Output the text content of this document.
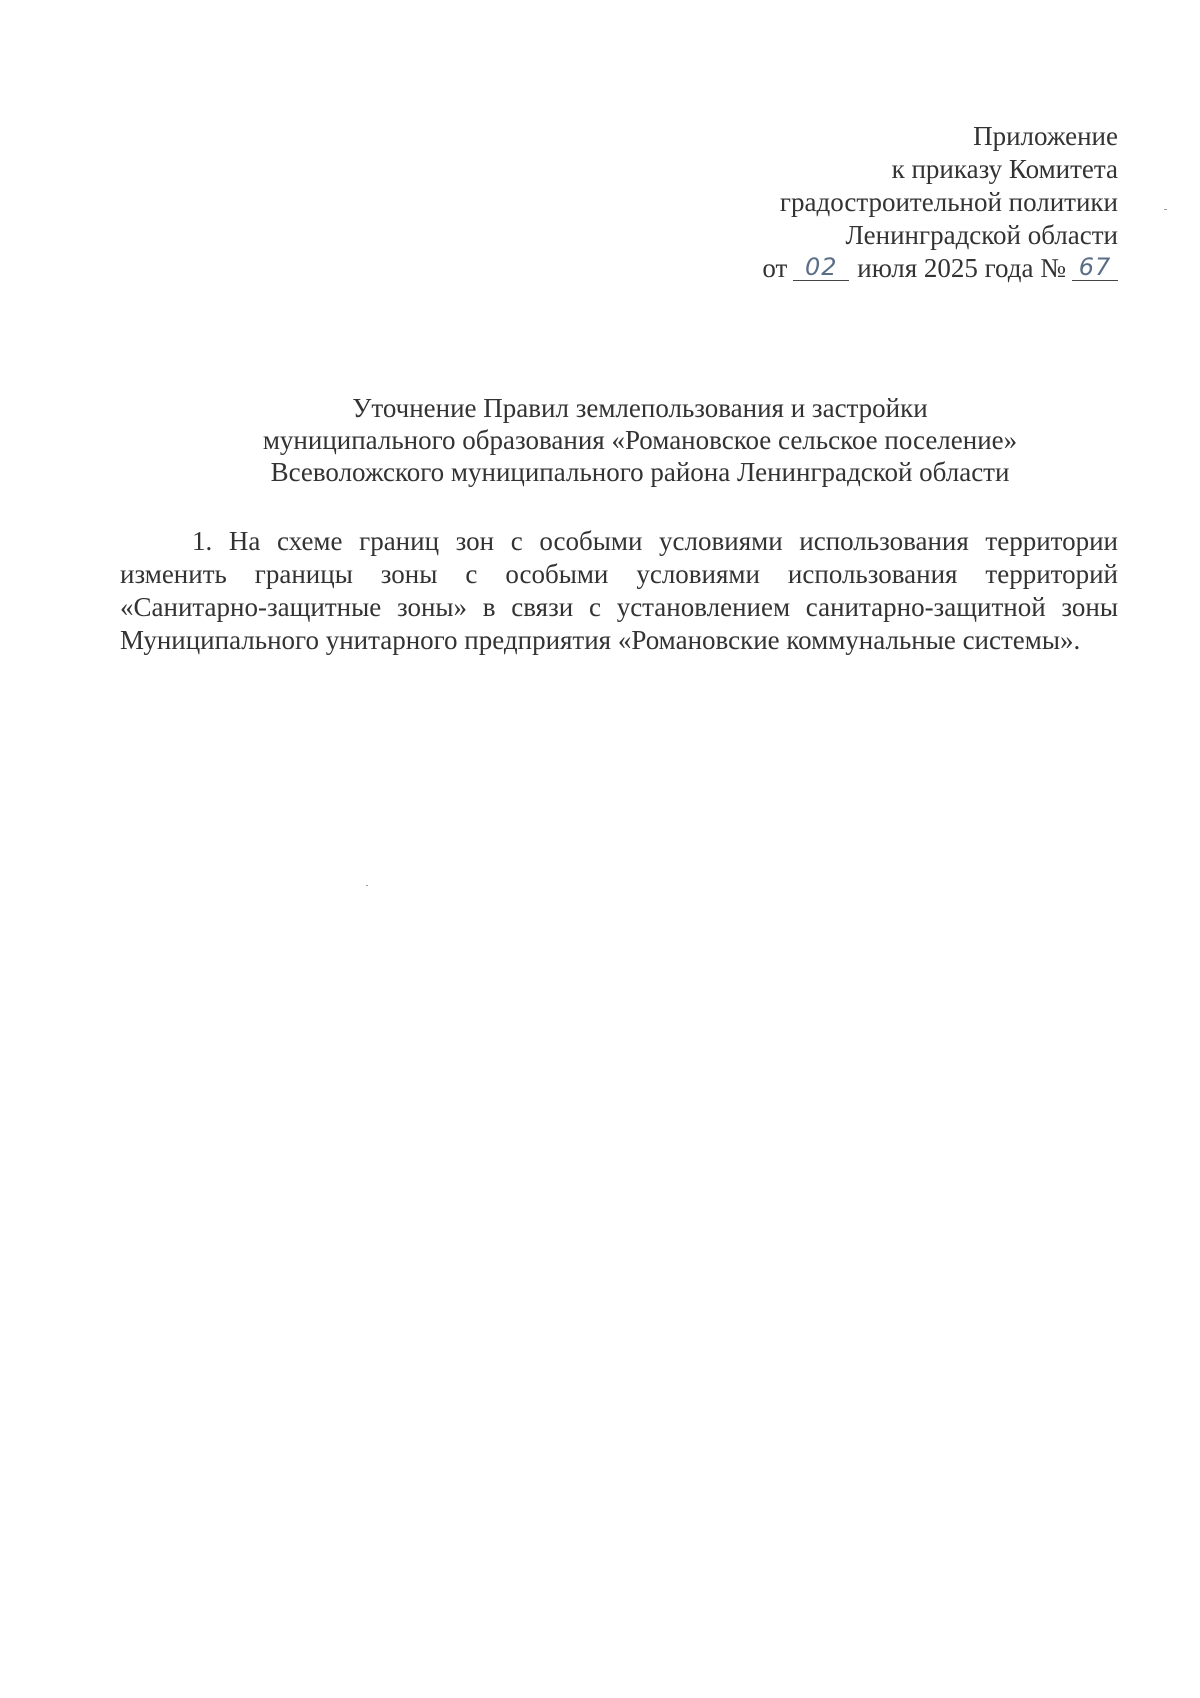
Приложение
к приказу Комитета
градостроительной политики
Ленинградской области
от 02 июля 2025 года № 67
Уточнение Правил землепользования и застройки
муниципального образования «Романовское сельское поселение»
Всеволожского муниципального района Ленинградской области

1. На схеме границ зон с особыми условиями использования территории изменить границы зоны с особыми условиями использования территорий «Санитарно-защитные зоны» в связи с установлением санитарно-защитной зоны Муниципального унитарного предприятия «Романовские коммунальные системы».
